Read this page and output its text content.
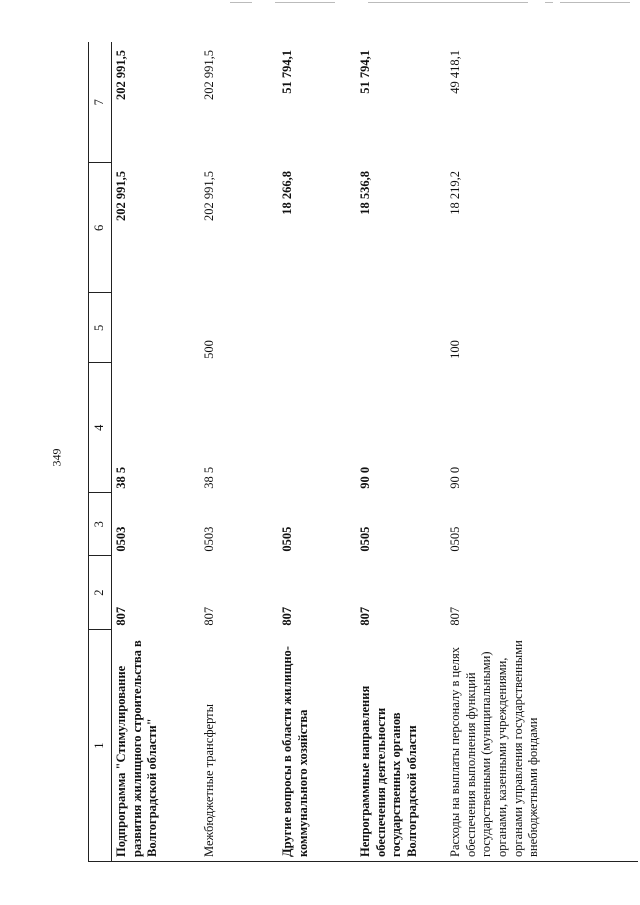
349
1	2	3	4	5	6	7
Подпрограмма "Стимулирование развития жилищного строительства в Волгоградской области"	807	0503	38 5		202 991,5	202 991,5
Межбюджетные трансферты	807	0503	38 5	500	202 991,5	202 991,5
Другие вопросы в области жилищно-коммунального хозяйства	807	0505			18 266,8	51 794,1
Непрограммные направления обеспечения деятельности государственных органов Волгоградской области	807	0505	90 0		18 536,8	51 794,1
Расходы на выплаты персоналу в целях обеспечения выполнения функций государственными (муниципальными) органами, казенными учреждениями, органами управления государственными внебюджетными фондами	807	0505	90 0	100	18 219,2	49 418,1
